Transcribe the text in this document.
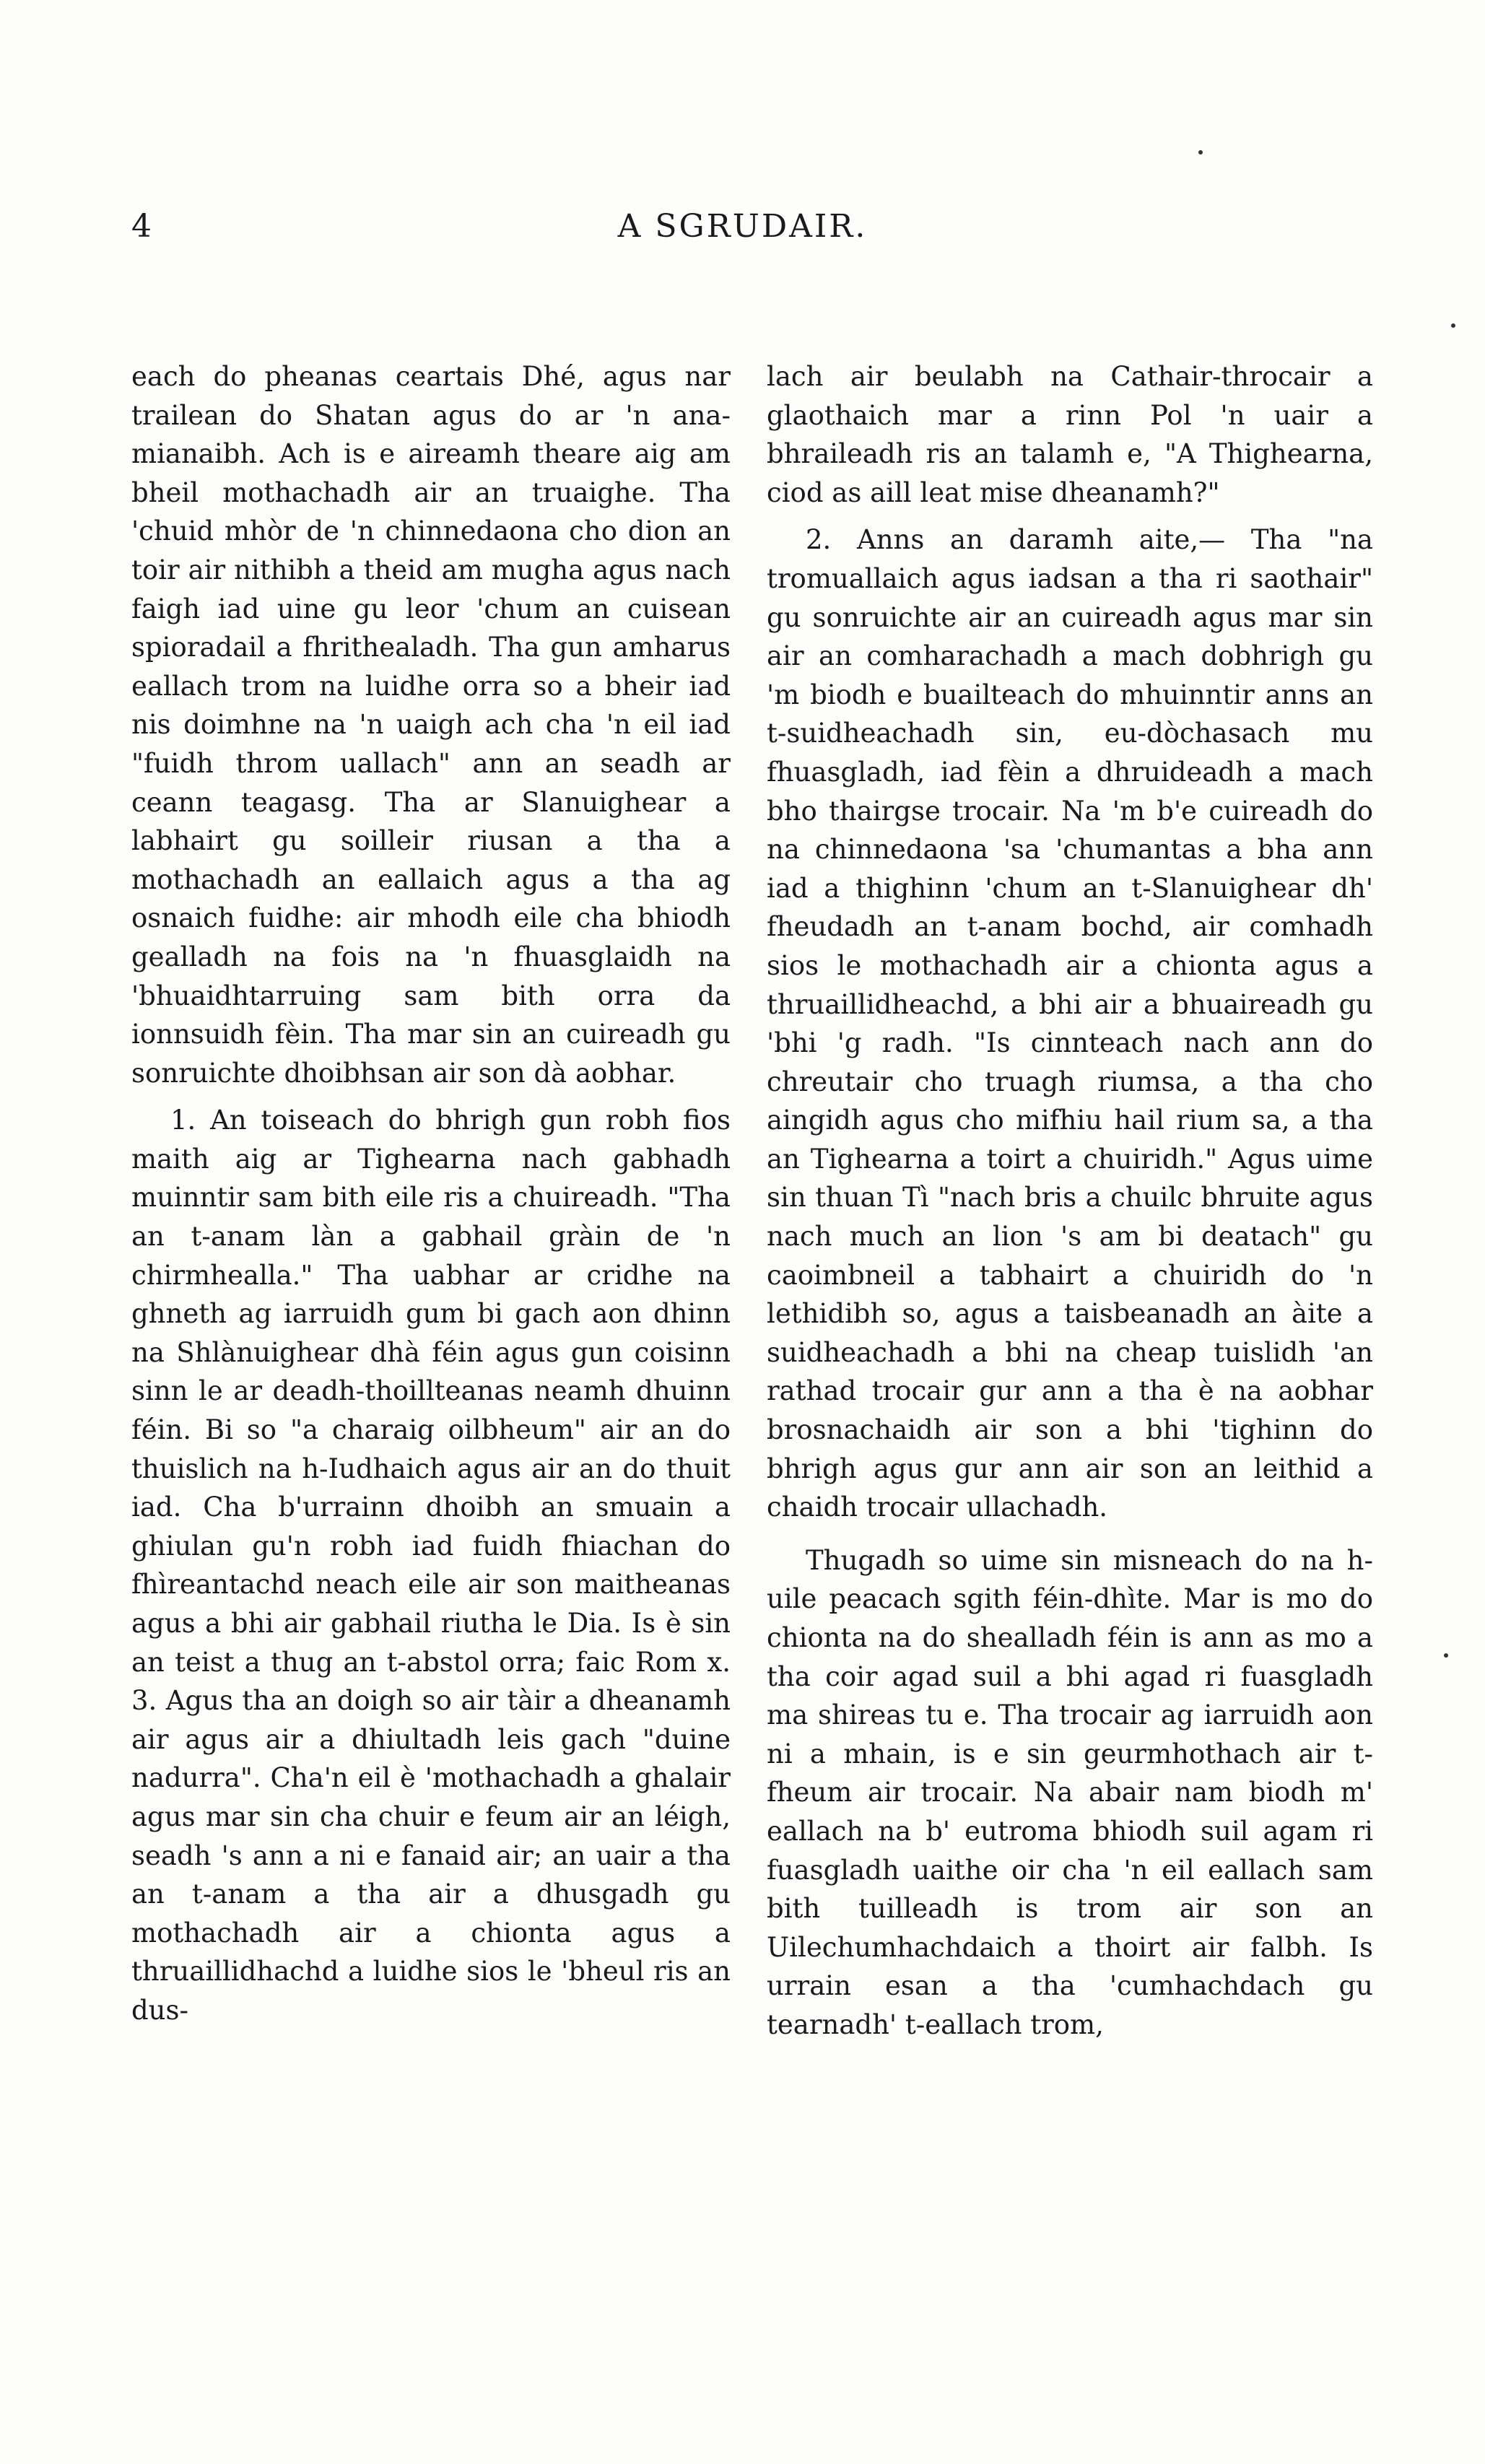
4	A SGRUDAIR.

each do pheanas ceartais Dhé, agus nar trailean do Shatan agus do ar 'n ana-mianaibh. Ach is e aireamh theare aig am bheil mothachadh air an truaighe. Tha 'chuid mhòr de 'n chinnedaona cho dion an toir air nithibh a theid am mugha agus nach faigh iad uine gu leor 'chum an cuisean spioradail a fhrithealadh. Tha gun amharus eallach trom na luidhe orra so a bheir iad nis doimhne na 'n uaigh ach cha 'n eil iad "fuidh throm uallach" ann an seadh ar ceann teagasg. Tha ar Slanuighear a labhairt gu soilleir riusan a tha a mothachadh an eallaich agus a tha ag osnaich fuidhe: air mhodh eile cha bhiodh gealladh na fois na 'n fhuasglaidh na 'bhuaidhtarruing sam bith orra da ionnsuidh fèin. Tha mar sin an cuireadh gu sonruichte dhoibhsan air son dà aobhar.

1. An toiseach do bhrigh gun robh fios maith aig ar Tighearna nach gabhadh muinntir sam bith eile ris a chuireadh. "Tha an t-anam làn a gabhail gràin de 'n chirmhealla." Tha uabhar ar cridhe na ghneth ag iarruidh gum bi gach aon dhinn na Shlànuighear dhà féin agus gun coisinn sinn le ar deadh-thoillteanas neamh dhuinn féin. Bi so "a charaig oilbheum" air an do thuislich na h-Iudhaich agus air an do thuit iad. Cha b'urrainn dhoibh an smuain a ghiulan gu'n robh iad fuidh fhiachan do fhìreantachd neach eile air son maitheanas agus a bhi air gabhail riutha le Dia. Is è sin an teist a thug an t-abstol orra; faic Rom x. 3. Agus tha an doigh so air tàir a dheanamh air agus air a dhiultadh leis gach "duine nadurra". Cha'n eil è 'mothachadh a ghalair agus mar sin cha chuir e feum air an léigh, seadh 's ann a ni e fanaid air; an uair a tha an t-anam a tha air a dhusgadh gu mothachadh air a chionta agus a thruaillidhachd a luidhe sios le 'bheul ris an dus-

lach air beulabh na Cathair-throcair a glaothaich mar a rinn Pol 'n uair a bhraileadh ris an talamh e, "A Thighearna, ciod as aill leat mise dheanamh?"

2. Anns an daramh aite,— Tha "na tromuallaich agus iadsan a tha ri saothair" gu sonruichte air an cuireadh agus mar sin air an comharachadh a mach dobhrigh gu 'm biodh e buailteach do mhuinntir anns an t-suidheachadh sin, eu-dòchasach mu fhuasgladh, iad fèin a dhruideadh a mach bho thairgse trocair. Na 'm b'e cuireadh do na chinnedaona 'sa 'chumantas a bha ann iad a thighinn 'chum an t-Slanuighear dh' fheudadh an t-anam bochd, air comhadh sios le mothachadh air a chionta agus a thruaillidheachd, a bhi air a bhuaireadh gu 'bhi 'g radh. "Is cinnteach nach ann do chreutair cho truagh riumsa, a tha cho aingidh agus cho mifhiu hail rium sa, a tha an Tighearna a toirt a chuiridh." Agus uime sin thuan Tì "nach bris a chuilc bhruite agus nach much an lion 's am bi deatach" gu caoimbneil a tabhairt a chuiridh do 'n lethidibh so, agus a taisbeanadh an àite a suidheachadh a bhi na cheap tuislidh 'an rathad trocair gur ann a tha è na aobhar brosnachaidh air son a bhi 'tighinn do bhrigh agus gur ann air son an leithid a chaidh trocair ullachadh.

Thugadh so uime sin misneach do na h-uile peacach sgith féin-dhìte. Mar is mo do chionta na do shealladh féin is ann as mo a tha coir agad suil a bhi agad ri fuasgladh ma shireas tu e. Tha trocair ag iarruidh aon ni a mhain, is e sin geurmhothach air t-fheum air trocair. Na abair nam biodh m' eallach na b' eutroma bhiodh suil agam ri fuasgladh uaithe oir cha 'n eil eallach sam bith tuilleadh is trom air son an Uilechumhachdaich a thoirt air falbh. Is urrain esan a tha 'cumhachdach gu tearnadh' t-eallach trom,
